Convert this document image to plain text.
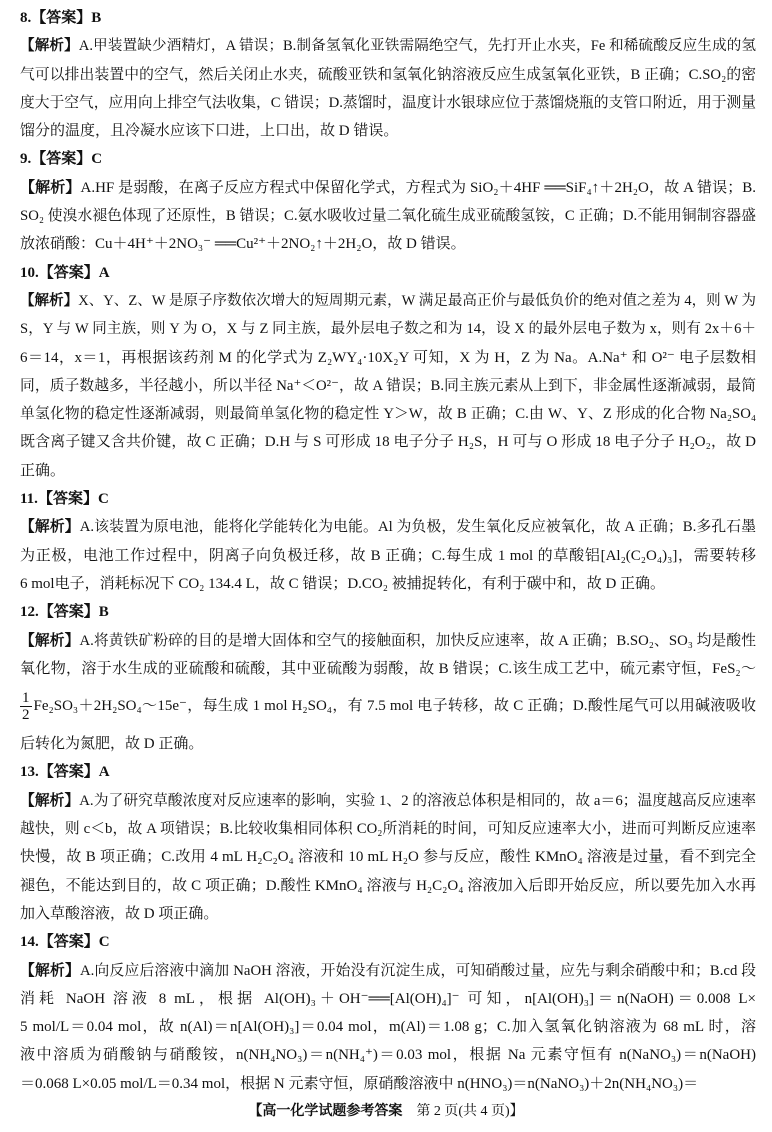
8.【答案】B
【解析】A.甲装置缺少酒精灯，A 错误；B.制备氢氧化亚铁需隔绝空气，先打开止水夹，Fe 和稀硫酸反应生成的氢
气可以排出装置中的空气，然后关闭止水夹，硫酸亚铁和氢氧化钠溶液反应生成氢氧化亚铁，B 正确；C.SO₂的密
度大于空气，应用向上排空气法收集，C 错误；D.蒸馏时，温度计水银球应位于蒸馏烧瓶的支管口附近，用于测量
馏分的温度，且冷凝水应该下口进，上口出，故 D 错误。
9.【答案】C
【解析】A.HF 是弱酸，在离子反应方程式中保留化学式，方程式为 SiO₂＋4HF ══SiF₄↑＋2H₂O，故 A 错误；B.
SO₂ 使溴水褪色体现了还原性，B 错误；C.氨水吸收过量二氧化硫生成亚硫酸氢铵，C 正确；D.不能用铜制容器盛
放浓硝酸：Cu＋4H⁺＋2NO₃⁻ ══Cu²⁺＋2NO₂↑＋2H₂O，故 D 错误。
10.【答案】A
【解析】X、Y、Z、W 是原子序数依次增大的短周期元素，W 满足最高正价与最低负价的绝对值之差为 4，则 W 为
S，Y 与 W 同主族，则 Y 为 O，X 与 Z 同主族，最外层电子数之和为 14，设 X 的最外层电子数为 x，则有 2x＋6＋
6＝14，x＝1，再根据该药剂 M 的化学式为 Z₂WY₄·10X₂Y 可知，X 为 H，Z 为 Na。A.Na⁺ 和 O²⁻ 电子层数相
同，质子数越多，半径越小，所以半径 Na⁺＜O²⁻，故 A 错误；B.同主族元素从上到下，非金属性逐渐减弱，最简
单氢化物的稳定性逐渐减弱，则最简单氢化物的稳定性 Y＞W，故 B 正确；C.由 W、Y、Z 形成的化合物 Na₂SO₄
既含离子键又含共价键，故 C 正确；D.H 与 S 可形成 18 电子分子 H₂S，H 可与 O 形成 18 电子分子 H₂O₂，故 D
正确。
11.【答案】C
【解析】A.该装置为原电池，能将化学能转化为电能。Al 为负极，发生氧化反应被氧化，故 A 正确；B.多孔石墨
为正极，电池工作过程中，阴离子向负极迁移，故 B 正确；C.每生成 1 mol 的草酸铝[Al₂(C₂O₄)₃]，需要转移
6 mol电子，消耗标况下 CO₂ 134.4 L，故 C 错误；D.CO₂ 被捕捉转化，有利于碳中和，故 D 正确。
12.【答案】B
【解析】A.将黄铁矿粉碎的目的是增大固体和空气的接触面积，加快反应速率，故 A 正确；B.SO₂、SO₃ 均是酸性
氧化物，溶于水生成的亚硫酸和硫酸，其中亚硫酸为弱酸，故 B 错误；C.该生成工艺中，硫元素守恒，FeS₂～
$\frac{1}{2}$ Fe₂SO₃＋2H₂SO₄～15e⁻，每生成 1 mol H₂SO₄，有 7.5 mol 电子转移，故 C 正确；D.酸性尾气可以用碱液吸收
后转化为氮肥，故 D 正确。
13.【答案】A
【解析】A.为了研究草酸浓度对反应速率的影响，实验 1、2 的溶液总体积是相同的，故 a＝6；温度越高反应速率
越快，则 c＜b，故 A 项错误；B.比较收集相同体积 CO₂所消耗的时间，可知反应速率大小，进而可判断反应速率
快慢，故 B 项正确；C.改用 4 mL H₂C₂O₄ 溶液和 10 mL H₂O 参与反应，酸性 KMnO₄ 溶液是过量，看不到完全
褪色，不能达到目的，故 C 项正确；D.酸性 KMnO₄ 溶液与 H₂C₂O₄ 溶液加入后即开始反应，所以要先加入水再
加入草酸溶液，故 D 项正确。
14.【答案】C
【解析】A.向反应后溶液中滴加 NaOH 溶液，开始没有沉淀生成，可知硝酸过量，应先与剩余硝酸中和；B.cd 段
消耗 NaOH 溶液 8 mL，根据 Al(OH)₃＋OH⁻══[Al(OH)₄]⁻ 可知，n[Al(OH)₃]＝n(NaOH)＝0.008 L×
5 mol/L＝0.04 mol，故 n(Al)＝n[Al(OH)₃]＝0.04 mol，m(Al)＝1.08 g；C.加入氢氧化钠溶液为 68 mL 时，溶
液中溶质为硝酸钠与硝酸铵，n(NH₄NO₃)＝n(NH₄⁺)＝0.03 mol，根据 Na 元素守恒有 n(NaNO₃)＝n(NaOH)
＝0.068 L×0.05 mol/L＝0.34 mol，根据 N 元素守恒，原硝酸溶液中 n(HNO₃)＝n(NaNO₃)＋2n(NH₄NO₃)＝
【高一化学试题参考答案 第 2 页(共 4 页)】
